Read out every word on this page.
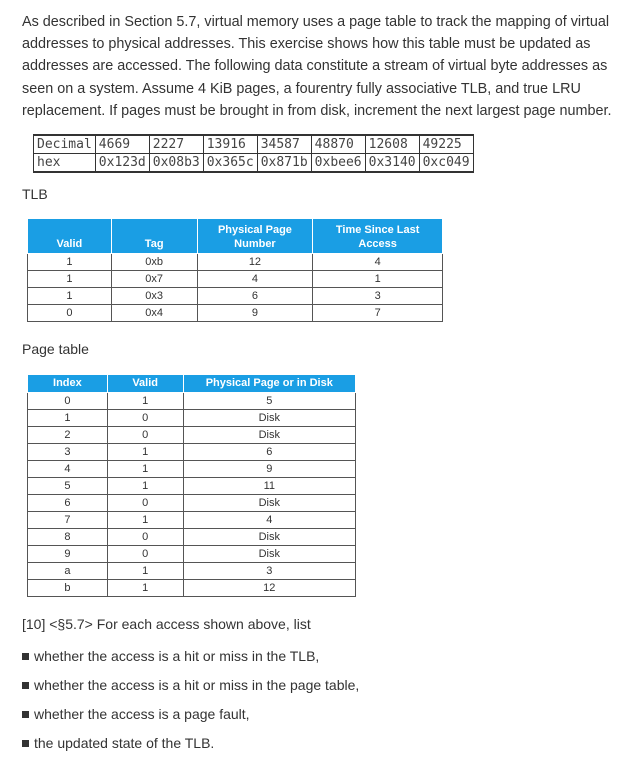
As described in Section 5.7, virtual memory uses a page table to track the mapping of virtual addresses to physical addresses. This exercise shows how this table must be updated as addresses are accessed. The following data constitute a stream of virtual byte addresses as seen on a system. Assume 4 KiB pages, a fourentry fully associative TLB, and true LRU replacement. If pages must be brought in from disk, increment the next largest page number.

Decimal	4669	2227	13916	34587	48870	12608	49225
hex	0x123d	0x08b3	0x365c	0x871b	0xbee6	0x3140	0xc049
TLB
Valid	Tag	Physical Page Number	Time Since Last Access
1	0xb	12	4
1	0x7	4	1
1	0x3	6	3
0	0x4	9	7
Page table
Index	Valid	Physical Page or in Disk
0	1	5
1	0	Disk
2	0	Disk
3	1	6
4	1	9
5	1	11
6	0	Disk
7	1	4
8	0	Disk
9	0	Disk
a	1	3
b	1	12
[10] <§5.7> For each access shown above, list
whether the access is a hit or miss in the TLB,
whether the access is a hit or miss in the page table,
whether the access is a page fault,
the updated state of the TLB.
